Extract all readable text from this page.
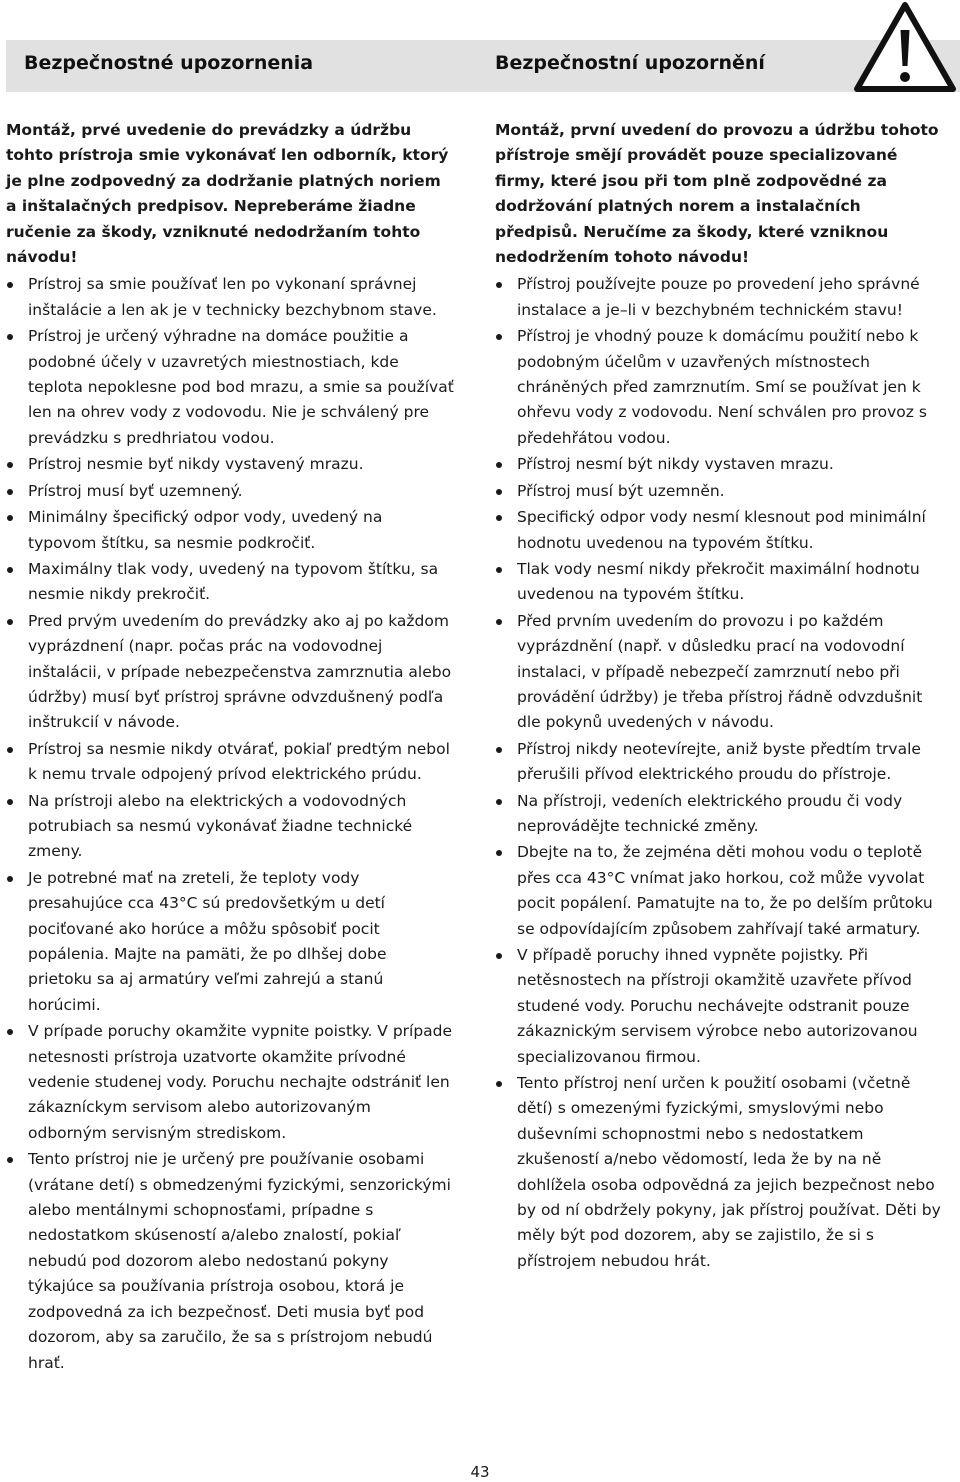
Bezpečnostné upozornenia	Bezpečnostní upozornění

Montáž, prvé uvedenie do prevádzky a údržbu tohto prístroja smie vykonávať len odborník, ktorý je plne zodpovedný za dodržanie platných noriem a inštalačných predpisov. Nepreberáme žiadne ručenie za škody, vzniknuté nedodržaním tohto návodu!

Prístroj sa smie používať len po vykonaní správnej inštalácie a len ak je v technicky bezchybnom stave.
Prístroj je určený výhradne na domáce použitie a podobné účely v uzavretých miestnostiach, kde teplota nepoklesne pod bod mrazu, a smie sa používať len na ohrev vody z vodovodu. Nie je schválený pre prevádzku s predhriatou vodou.
Prístroj nesmie byť nikdy vystavený mrazu.
Prístroj musí byť uzemnený.
Minimálny špecifický odpor vody, uvedený na typovom štítku, sa nesmie podkročiť.
Maximálny tlak vody, uvedený na typovom štítku, sa nesmie nikdy prekročiť.
Pred prvým uvedením do prevádzky ako aj po každom vyprázdnení (napr. počas prác na vodovodnej inštalácii, v prípade nebezpečenstva zamrznutia alebo údržby) musí byť prístroj správne odvzdušnený podľa inštrukcií v návode.
Prístroj sa nesmie nikdy otvárať, pokiaľ predtým nebol k nemu trvale odpojený prívod elektrického prúdu.
Na prístroji alebo na elektrických a vodovodných potrubiach sa nesmú vykonávať žiadne technické zmeny.
Je potrebné mať na zreteli, že teploty vody presahujúce cca 43°C sú predovšetkým u detí pociťované ako horúce a môžu spôsobiť pocit popálenia. Majte na pamäti, že po dlhšej dobe prietoku sa aj armatúry veľmi zahrejú a stanú horúcimi.
V prípade poruchy okamžite vypnite poistky. V prípade netesnosti prístroja uzatvorte okamžite prívodné vedenie studenej vody. Poruchu nechajte odstrániť len zákazníckym servisom alebo autorizovaným odborným servisným strediskom.
Tento prístroj nie je určený pre používanie osobami (vrátane detí) s obmedzenými fyzickými, senzorickými alebo mentálnymi schopnosťami, prípadne s nedostatkom skúseností a/alebo znalostí, pokiaľ nebudú pod dozorom alebo nedostanú pokyny týkajúce sa používania prístroja osobou, ktorá je zodpovedná za ich bezpečnosť. Deti musia byť pod dozorom, aby sa zaručilo, že sa s prístrojom nebudú hrať.

Montáž, první uvedení do provozu a údržbu tohoto přístroje smějí provádět pouze specializované firmy, které jsou při tom plně zodpovědné za dodržování platných norem a instalačních předpisů. Neručíme za škody, které vzniknou nedodržením tohoto návodu!

Přístroj používejte pouze po provedení jeho správné instalace a je–li v bezchybném technickém stavu!
Přístroj je vhodný pouze k domácímu použití nebo k podobným účelům v uzavřených místnostech chráněných před zamrznutím. Smí se používat jen k ohřevu vody z vodovodu. Není schválen pro provoz s předehřátou vodou.
Přístroj nesmí být nikdy vystaven mrazu.
Přístroj musí být uzemněn.
Specifický odpor vody nesmí klesnout pod minimální hodnotu uvedenou na typovém štítku.
Tlak vody nesmí nikdy překročit maximální hodnotu uvedenou na typovém štítku.
Před prvním uvedením do provozu i po každém vyprázdnění (např. v důsledku prací na vodovodní instalaci, v případě nebezpečí zamrznutí nebo při provádění údržby) je třeba přístroj řádně odvzdušnit dle pokynů uvedených v návodu.
Přístroj nikdy neotevírejte, aniž byste předtím trvale přerušili přívod elektrického proudu do přístroje.
Na přístroji, vedeních elektrického proudu či vody neprovádějte technické změny.
Dbejte na to, že zejména děti mohou vodu o teplotě přes cca 43°C vnímat jako horkou, což může vyvolat pocit popálení. Pamatujte na to, že po delším průtoku se odpovídajícím způsobem zahřívají také armatury.
V případě poruchy ihned vypněte pojistky. Při netěsnostech na přístroji okamžitě uzavřete přívod studené vody. Poruchu nechávejte odstranit pouze zákaznickým servisem výrobce nebo autorizovanou specializovanou firmou.
Tento přístroj není určen k použití osobami (včetně dětí) s omezenými fyzickými, smyslovými nebo duševními schopnostmi nebo s nedostatkem zkušeností a/nebo vědomostí, leda že by na ně dohlížela osoba odpovědná za jejich bezpečnost nebo by od ní obdržely pokyny, jak přístroj používat. Děti by měly být pod dozorem, aby se zajistilo, že si s přístrojem nebudou hrát.
43
